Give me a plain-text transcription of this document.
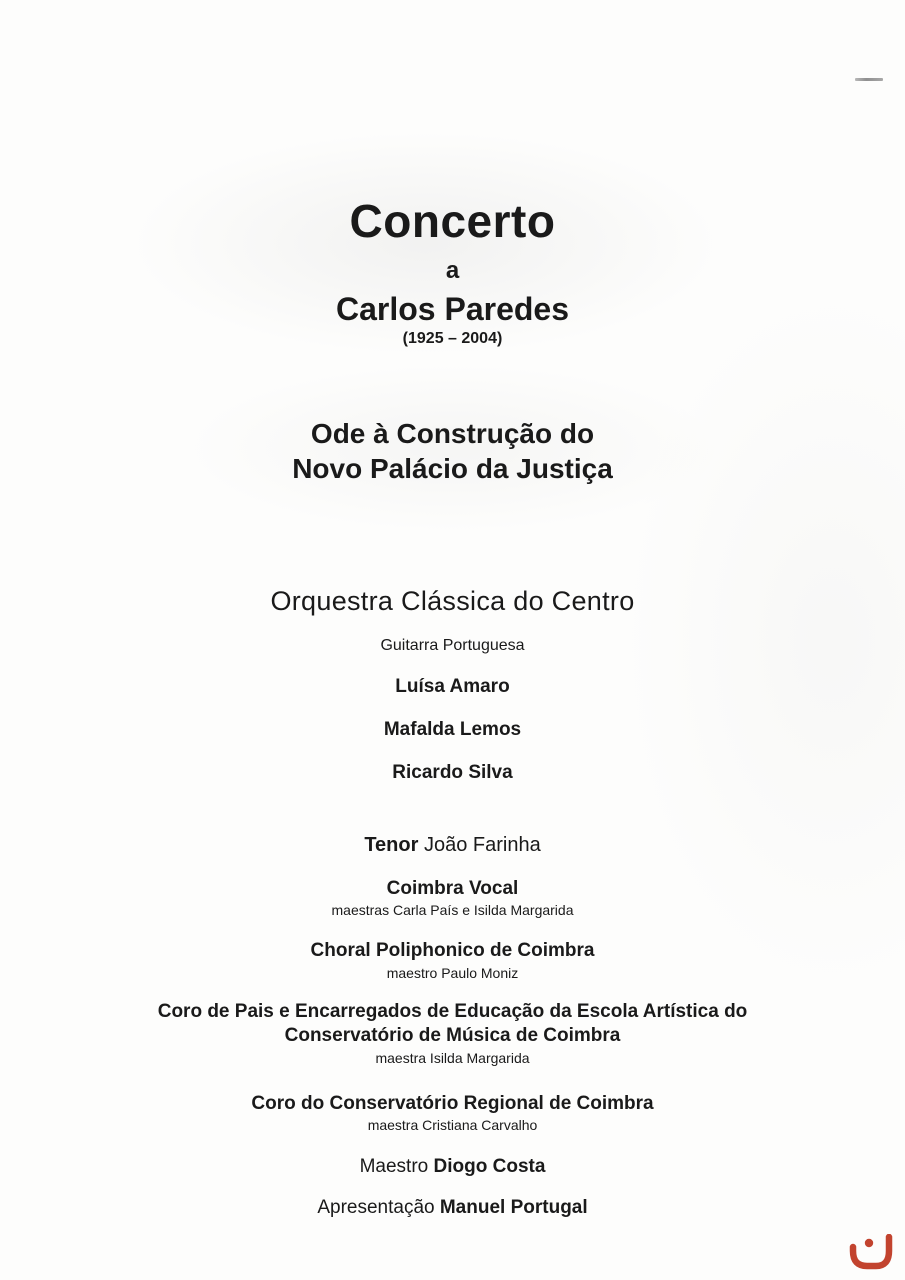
Concerto
a
Carlos Paredes
(1925 – 2004)
Ode à Construção do
Novo Palácio da Justiça
Orquestra Clássica do Centro
Guitarra Portuguesa
Luísa Amaro
Mafalda Lemos
Ricardo Silva
Tenor João Farinha
Coimbra Vocal
maestras Carla País e Isilda Margarida
Choral Poliphonico de Coimbra
maestro Paulo Moniz
Coro de Pais e Encarregados de Educação da Escola Artística do Conservatório de Música de Coimbra
maestra Isilda Margarida
Coro do Conservatório Regional de Coimbra
maestra Cristiana Carvalho
Maestro Diogo Costa
Apresentação Manuel Portugal
